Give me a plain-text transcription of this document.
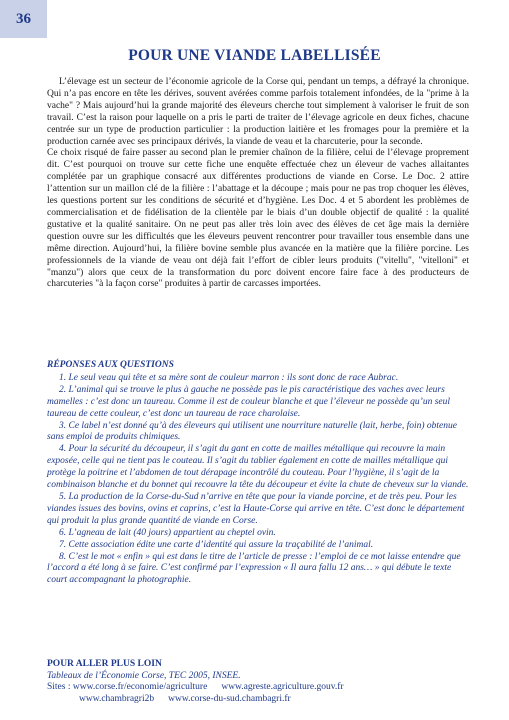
36
POUR UNE VIANDE LABELLISÉE

L’élevage est un secteur de l’économie agricole de la Corse qui, pendant un temps, a défrayé la chronique. Qui n’a pas encore en tête les dérives, souvent avérées comme parfois totalement infondées, de la "prime à la vache" ? Mais aujourd’hui la grande majorité des éleveurs cherche tout simplement à valoriser le fruit de son travail. C’est la raison pour laquelle on a pris le parti de traiter de l’élevage agricole en deux fiches, chacune centrée sur un type de production particulier : la production laitière et les fromages pour la première et la production carnée avec ses principaux dérivés, la viande de veau et la charcuterie, pour la seconde.

Ce choix risqué de faire passer au second plan le premier chaînon de la filière, celui de l’élevage proprement dit. C’est pourquoi on trouve sur cette fiche une enquête effectuée chez un éleveur de vaches allaitantes complétée par un graphique consacré aux différentes productions de viande en Corse. Le Doc. 2 attire l’attention sur un maillon clé de la filière : l’abattage et la découpe ; mais pour ne pas trop choquer les élèves, les questions portent sur les conditions de sécurité et d’hygiène. Les Doc. 4 et 5 abordent les problèmes de commercialisation et de fidélisation de la clientèle par le biais d’un double objectif de qualité : la qualité gustative et la qualité sanitaire. On ne peut pas aller très loin avec des élèves de cet âge mais la dernière question ouvre sur les difficultés que les éleveurs peuvent rencontrer pour travailler tous ensemble dans une même direction. Aujourd’hui, la filière bovine semble plus avancée en la matière que la filière porcine. Les professionnels de la viande de veau ont déjà fait l’effort de cibler leurs produits ("vitellu", "vitelloni" et "manzu") alors que ceux de la transformation du porc doivent encore faire face à des producteurs de charcuteries "à la façon corse" produites à partir de carcasses importées.

RÉPONSES AUX QUESTIONS
1. Le seul veau qui tête et sa mère sont de couleur marron : ils sont donc de race Aubrac.
2. L’animal qui se trouve le plus à gauche ne possède pas le pis caractéristique des vaches avec leurs mamelles : c’est donc un taureau. Comme il est de couleur blanche et que l’éleveur ne possède qu’un seul taureau de cette couleur, c’est donc un taureau de race charolaise.
3. Ce label n’est donné qu’à des éleveurs qui utilisent une nourriture naturelle (lait, herbe, foin) obtenue sans emploi de produits chimiques.
4. Pour la sécurité du découpeur, il s’agit du gant en cotte de mailles métallique qui recouvre la main exposée, celle qui ne tient pas le couteau. Il s’agit du tablier également en cotte de mailles métallique qui protège la poitrine et l’abdomen de tout dérapage incontrôlé du couteau. Pour l’hygiène, il s’agit de la combinaison blanche et du bonnet qui recouvre la tête du découpeur et évite la chute de cheveux sur la viande.
5. La production de la Corse-du-Sud n’arrive en tête que pour la viande porcine, et de très peu. Pour les viandes issues des bovins, ovins et caprins, c’est la Haute-Corse qui arrive en tête. C’est donc le département qui produit la plus grande quantité de viande en Corse.
6. L’agneau de lait (40 jours) appartient au cheptel ovin.
7. Cette association édite une carte d’identité qui assure la traçabilité de l’animal.
8. C’est le mot « enfin » qui est dans le titre de l’article de presse : l’emploi de ce mot laisse entendre que l’accord a été long à se faire. C’est confirmé par l’expression « Il aura fallu 12 ans… » qui débute le texte court accompagnant la photographie.
POUR ALLER PLUS LOIN
Tableaux de l’Économie Corse, TEC 2005, INSEE.
Sites : www.corse.fr/economie/agriculture www.agreste.agriculture.gouv.fr
www.chambragri2b www.corse-du-sud.chambagri.fr
